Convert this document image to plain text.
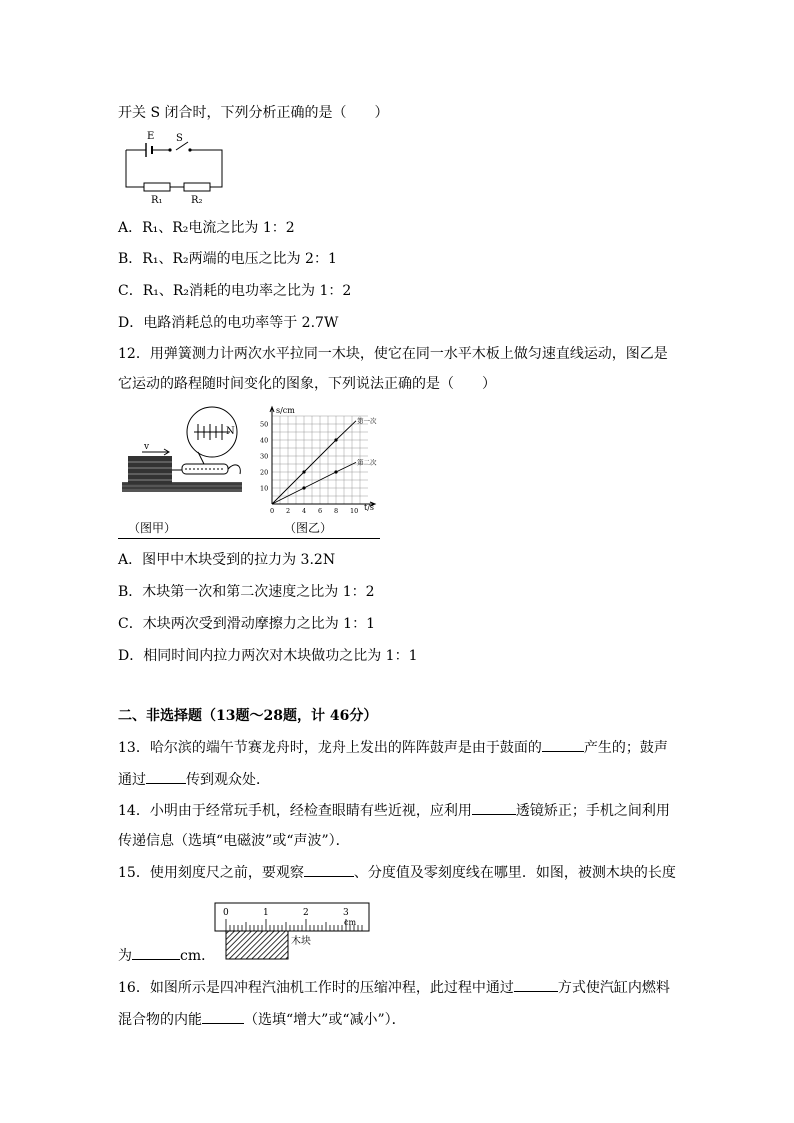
开关 S 闭合时，下列分析正确的是（　　）
E S
R₁	R₂
A．R₁、R₂电流之比为 1：2
B．R₁、R₂两端的电压之比为 2：1
C．R₁、R₂消耗的电功率之比为 1：2
D．电路消耗总的电功率等于 2.7W
12．用弹簧测力计两次水平拉同一木块，使它在同一水平木板上做匀速直线运动，图乙是
它运动的路程随时间变化的图象，下列说法正确的是（　　）
N
v
（图甲）
0 2 4 6 8 10
10
20
30
40
50	第一次
第二次
s/cm
t/s
（图乙）
A．图甲中木块受到的拉力为 3.2N
B．木块第一次和第二次速度之比为 1：2
C．木块两次受到滑动摩擦力之比为 1：1
D．相同时间内拉力两次对木块做功之比为 1：1
二、非选择题（13题～28题，计 46分）
13．哈尔滨的端午节赛龙舟时，龙舟上发出的阵阵鼓声是由于鼓面的	产生的；鼓声
通过	传到观众处．
14．小明由于经常玩手机，经检查眼睛有些近视，应利用	透镜矫正；手机之间利用
传递信息（选填“电磁波”或“声波”）．
15．使用刻度尺之前，要观察	、分度值及零刻度线在哪里．如图，被测木块的长度
0	1	2	3
cm
木块
为	cm．
16．如图所示是四冲程汽油机工作时的压缩冲程，此过程中通过	方式使汽缸内燃料
混合物的内能	（选填“增大”或“减小”）．
